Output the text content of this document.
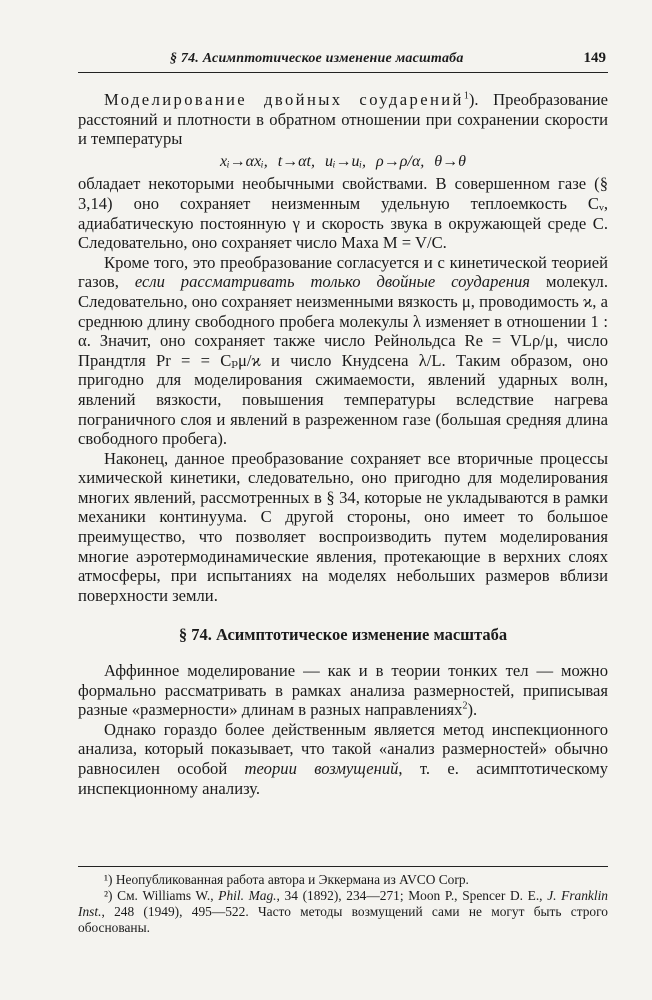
§ 74. Асимптотическое изменение масштаба	149

Моделирование двойных соударений$^1$). Преобразование расстояний и плотности в обратном отношении при сохранении скорости и температуры

xᵢ→αxᵢ, t→αt, uᵢ→uᵢ, ρ→ρ/α, θ→θ

обладает некоторыми необычными свойствами. В совершенном газе (§ 3,14) оно сохраняет неизменным удельную теплоемкость Cᵥ, адиабатическую постоянную γ и скорость звука в окружающей среде C. Следовательно, оно сохраняет число Маха M = V/C.

Кроме того, это преобразование согласуется и с кинетической теорией газов, если рассматривать только двойные соударения молекул. Следовательно, оно сохраняет неизменными вязкость μ, проводимость ϰ, а среднюю длину свободного пробега молекулы λ изменяет в отношении 1 : α. Значит, оно сохраняет также число Рейнольдса Re = VLρ/μ, число Прандтля Pr = = Cₚμ/ϰ и число Кнудсена λ/L. Таким образом, оно пригодно для моделирования сжимаемости, явлений ударных волн, явлений вязкости, повышения температуры вследствие нагрева пограничного слоя и явлений в разреженном газе (большая средняя длина свободного пробега).

Наконец, данное преобразование сохраняет все вторичные процессы химической кинетики, следовательно, оно пригодно для моделирования многих явлений, рассмотренных в § 34, которые не укладываются в рамки механики континуума. С другой стороны, оно имеет то большое преимущество, что позволяет воспроизводить путем моделирования многие аэротермодинамические явления, протекающие в верхних слоях атмосферы, при испытаниях на моделях небольших размеров вблизи поверхности земли.

§ 74. Асимптотическое изменение масштаба

Аффинное моделирование — как и в теории тонких тел — можно формально рассматривать в рамках анализа размерностей, приписывая разные «размерности» длинам в разных направлениях$^2$).

Однако гораздо более действенным является метод инспекционного анализа, который показывает, что такой «анализ размерностей» обычно равносилен особой теории возмущений, т. е. асимптотическому инспекционному анализу.

¹) Неопубликованная работа автора и Эккермана из AVCO Corp.

²) См. Williams W., Phil. Mag., 34 (1892), 234—271; Moon P., Spencer D. E., J. Franklin Inst., 248 (1949), 495—522. Часто методы возмущений сами не могут быть строго обоснованы.
